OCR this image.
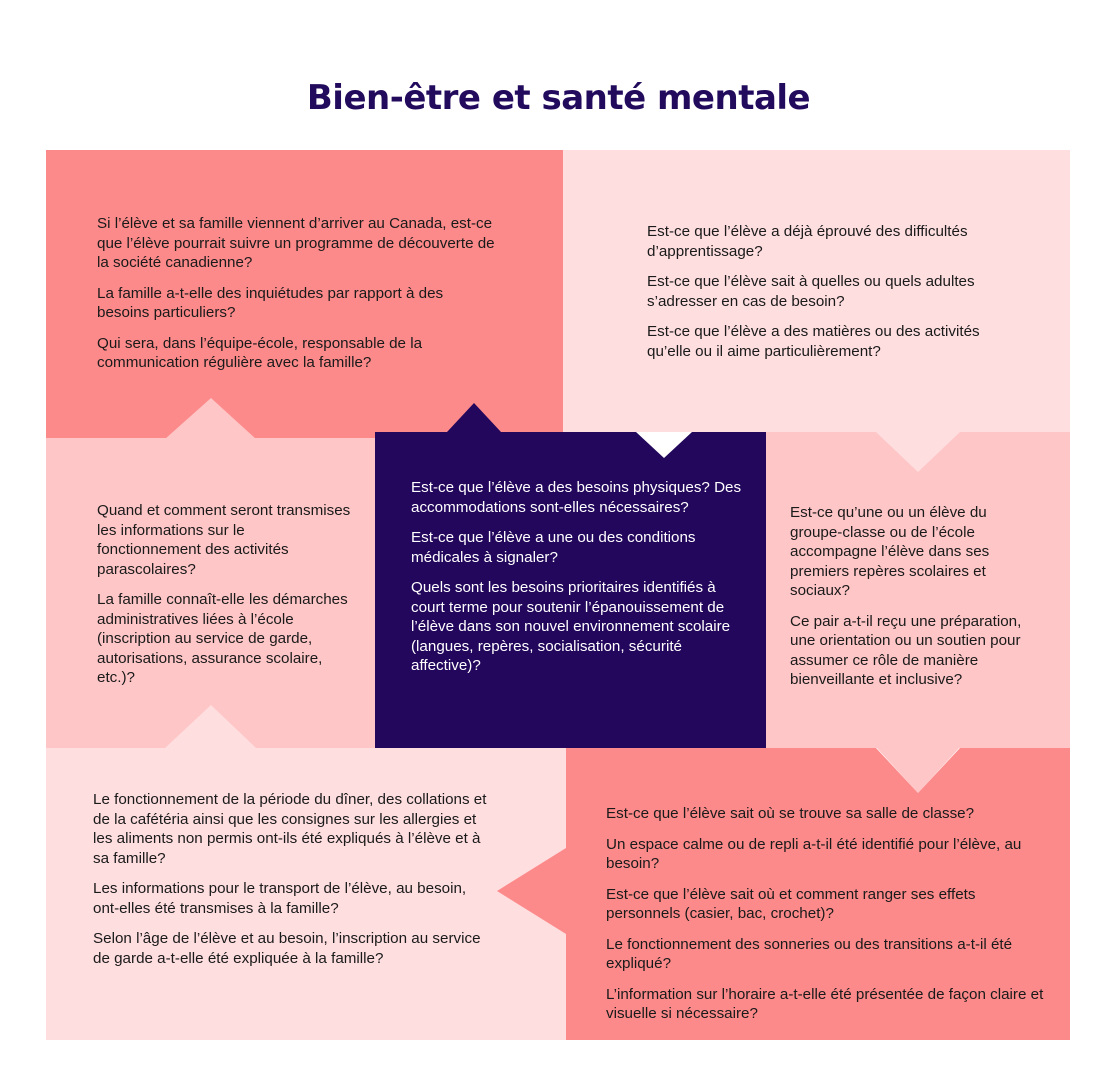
Bien-être et santé mentale

Si l’élève et sa famille viennent d’arriver au Canada, est-ce que l’élève pourrait suivre un programme de découverte de la société canadienne?

La famille a-t-elle des inquiétudes par rapport à des besoins particuliers?

Qui sera, dans l’équipe-école, responsable de la communication régulière avec la famille?

Est-ce que l’élève a déjà éprouvé des difficultés d’apprentissage?

Est-ce que l’élève sait à quelles ou quels adultes s’adresser en cas de besoin?

Est-ce que l’élève a des matières ou des activités qu’elle ou il aime particulièrement?

Quand et comment seront transmises les informations sur le fonctionnement des activités parascolaires?

La famille connaît-elle les démarches administratives liées à l’école (inscription au service de garde, autorisations, assurance scolaire, etc.)?

Est-ce que l’élève a des besoins physiques? Des accommodations sont-elles nécessaires?

Est-ce que l’élève a une ou des conditions médicales à signaler?

Quels sont les besoins prioritaires identifiés à court terme pour soutenir l’épanouissement de l’élève dans son nouvel environnement scolaire (langues, repères, socialisation, sécurité affective)?

Est-ce qu’une ou un élève du groupe-classe ou de l’école accompagne l’élève dans ses premiers repères scolaires et sociaux?

Ce pair a-t-il reçu une préparation, une orientation ou un soutien pour assumer ce rôle de manière bienveillante et inclusive?

Le fonctionnement de la période du dîner, des collations et de la cafétéria ainsi que les consignes sur les allergies et les aliments non permis ont-ils été expliqués à l’élève et à sa famille?

Les informations pour le transport de l’élève, au besoin, ont-elles été transmises à la famille?

Selon l’âge de l’élève et au besoin, l’inscription au service de garde a-t-elle été expliquée à la famille?

Est-ce que l’élève sait où se trouve sa salle de classe?

Un espace calme ou de repli a-t-il été identifié pour l’élève, au besoin?

Est-ce que l’élève sait où et comment ranger ses effets personnels (casier, bac, crochet)?

Le fonctionnement des sonneries ou des transitions a-t-il été expliqué?

L’information sur l’horaire a-t-elle été présentée de façon claire et visuelle si nécessaire?
